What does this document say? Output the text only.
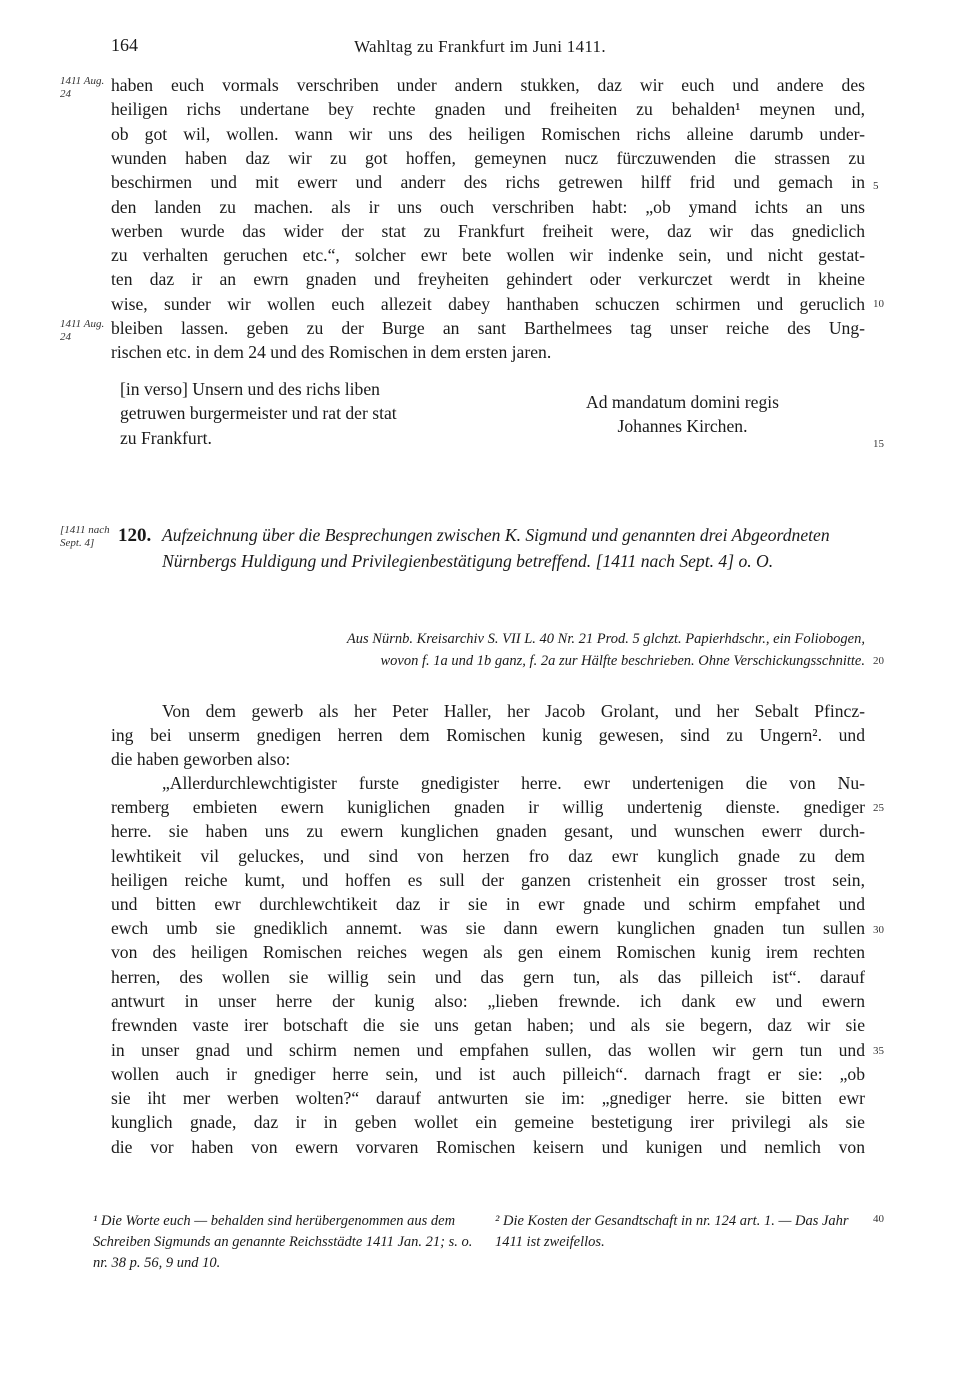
164	Wahltag zu Frankfurt im Juni 1411.
1411 Aug. 24
1411 Aug. 24
[1411 nach Sept. 4]
5
10
15
20
25
30
35
40
haben euch vormals verschriben under andern stukken, daz wir euch und andere des
heiligen richs undertane bey rechte gnaden und freiheiten zu behalden¹ meynen und,
ob got wil, wollen. wann wir uns des heiligen Romischen richs alleine darumb under-
wunden haben daz wir zu got hoffen, gemeynen nucz fürczuwenden die strassen zu
beschirmen und mit ewerr und anderr des richs getrewen hilff frid und gemach in
den landen zu machen. als ir uns ouch verschriben habt: „ob ymand ichts an uns
werben wurde das wider der stat zu Frankfurt freiheit were, daz wir das gnediclich
zu verhalten geruchen etc.“, solcher ewr bete wollen wir indenke sein, und nicht gestat-
ten daz ir an ewrn gnaden und freyheiten gehindert oder verkurczet werdt in kheine
wise, sunder wir wollen euch allezeit dabey hanthaben schuczen schirmen und geruclich
bleiben lassen. geben zu der Burge an sant Barthelmees tag unser reiche des Ung-
rischen etc. in dem 24 und des Romischen in dem ersten jaren.
[in verso] Unsern und des richs liben
getruwen burgermeister und rat der stat
zu Frankfurt.
Ad mandatum domini regis
Johannes Kirchen.
120. Aufzeichnung über die Besprechungen zwischen K. Sigmund und genannten drei Abgeordneten Nürnbergs Huldigung und Privilegienbestätigung betreffend. [1411 nach Sept. 4] o. O.
Aus Nürnb. Kreisarchiv S. VII L. 40 Nr. 21 Prod. 5 glchzt. Papierhdschr., ein Foliobogen,
wovon f. 1a und 1b ganz, f. 2a zur Hälfte beschrieben. Ohne Verschickungsschnitte.
Von dem gewerb als her Peter Haller, her Jacob Grolant, und her Sebalt Pfincz-
ing bei unserm gnedigen herren dem Romischen kunig gewesen, sind zu Ungern². und
die haben geworben also:
„Allerdurchlewchtigister furste gnedigister herre. ewr undertenigen die von Nu-
remberg embieten ewern kuniglichen gnaden ir willig undertenig dienste. gnediger
herre. sie haben uns zu ewern kunglichen gnaden gesant, und wunschen ewerr durch-
lewhtikeit vil geluckes, und sind von herzen fro daz ewr kunglich gnade zu dem
heiligen reiche kumt, und hoffen es sull der ganzen cristenheit ein grosser trost sein,
und bitten ewr durchlewchtikeit daz ir sie in ewr gnade und schirm empfahet und
ewch umb sie gnediklich annemt. was sie dann ewern kunglichen gnaden tun sullen
von des heiligen Romischen reiches wegen als gen einem Romischen kunig irem rechten
herren, des wollen sie willig sein und das gern tun, als das pilleich ist“. darauf
antwurt in unser herre der kunig also: „lieben frewnde. ich dank ew und ewern
frewnden vaste irer botschaft die sie uns getan haben; und als sie begern, daz wir sie
in unser gnad und schirm nemen und empfahen sullen, das wollen wir gern tun und
wollen auch ir gnediger herre sein, und ist auch pilleich“. darnach fragt er sie: „ob
sie iht mer werben wolten?“ darauf antwurten sie im: „gnediger herre. sie bitten ewr
kunglich gnade, daz ir in geben wollet ein gemeine bestetigung irer privilegi als sie
die vor haben von ewern vorvaren Romischen keisern und kunigen und nemlich von
¹ Die Worte euch — behalden sind herübergenommen aus dem Schreiben Sigmunds an genannte Reichsstädte 1411 Jan. 21; s. o. nr. 38 p. 56, 9 und 10.
² Die Kosten der Gesandtschaft in nr. 124 art. 1. — Das Jahr 1411 ist zweifellos.
